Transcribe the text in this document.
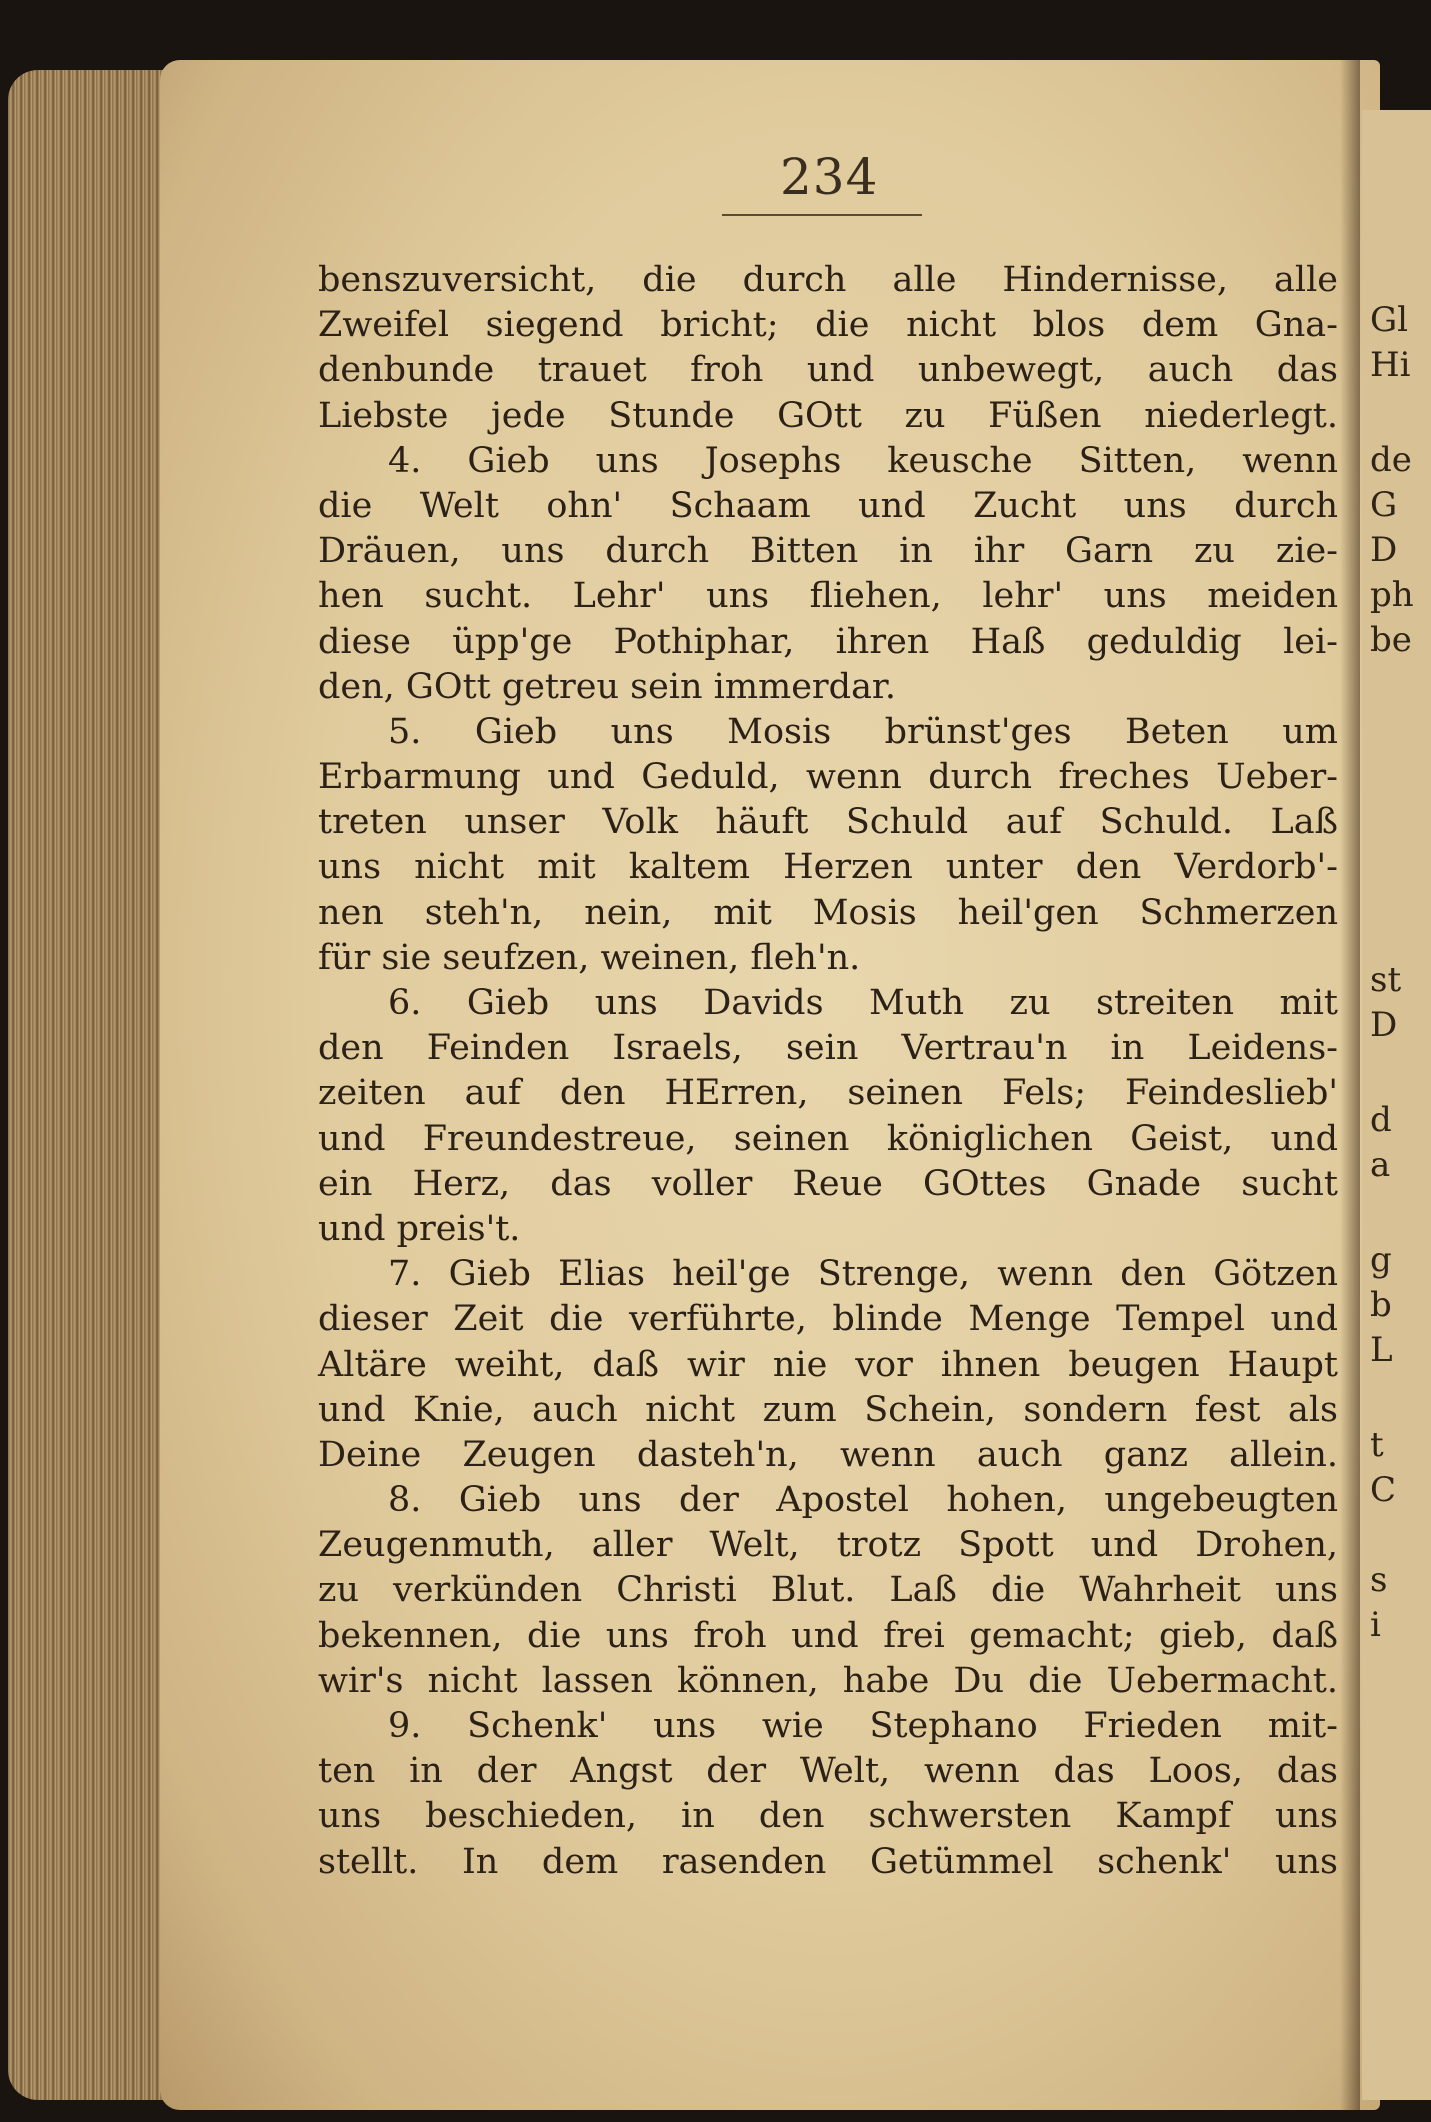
Gl
Hi
de
G
D
ph
be
st
D
d
a
g
b
L
t
C
s
i
234
benszuversicht, die durch alle Hindernisse, alle
Zweifel siegend bricht; die nicht blos dem Gna-
denbunde trauet froh und unbewegt, auch das
Liebste jede Stunde GOtt zu Füßen niederlegt.
4. Gieb uns Josephs keusche Sitten, wenn
die Welt ohn' Schaam und Zucht uns durch
Dräuen, uns durch Bitten in ihr Garn zu zie-
hen sucht. Lehr' uns fliehen, lehr' uns meiden
diese üpp'ge Pothiphar, ihren Haß geduldig lei-
den, GOtt getreu sein immerdar.
5. Gieb uns Mosis brünst'ges Beten um
Erbarmung und Geduld, wenn durch freches Ueber-
treten unser Volk häuft Schuld auf Schuld. Laß
uns nicht mit kaltem Herzen unter den Verdorb'-
nen steh'n, nein, mit Mosis heil'gen Schmerzen
für sie seufzen, weinen, fleh'n.
6. Gieb uns Davids Muth zu streiten mit
den Feinden Israels, sein Vertrau'n in Leidens-
zeiten auf den HErren, seinen Fels; Feindeslieb'
und Freundestreue, seinen königlichen Geist, und
ein Herz, das voller Reue GOttes Gnade sucht
und preis't.
7. Gieb Elias heil'ge Strenge, wenn den Götzen
dieser Zeit die verführte, blinde Menge Tempel und
Altäre weiht, daß wir nie vor ihnen beugen Haupt
und Knie, auch nicht zum Schein, sondern fest als
Deine Zeugen dasteh'n, wenn auch ganz allein.
8. Gieb uns der Apostel hohen, ungebeugten
Zeugenmuth, aller Welt, trotz Spott und Drohen,
zu verkünden Christi Blut. Laß die Wahrheit uns
bekennen, die uns froh und frei gemacht; gieb, daß
wir's nicht lassen können, habe Du die Uebermacht.
9. Schenk' uns wie Stephano Frieden mit-
ten in der Angst der Welt, wenn das Loos, das
uns beschieden, in den schwersten Kampf uns
stellt. In dem rasenden Getümmel schenk' uns
